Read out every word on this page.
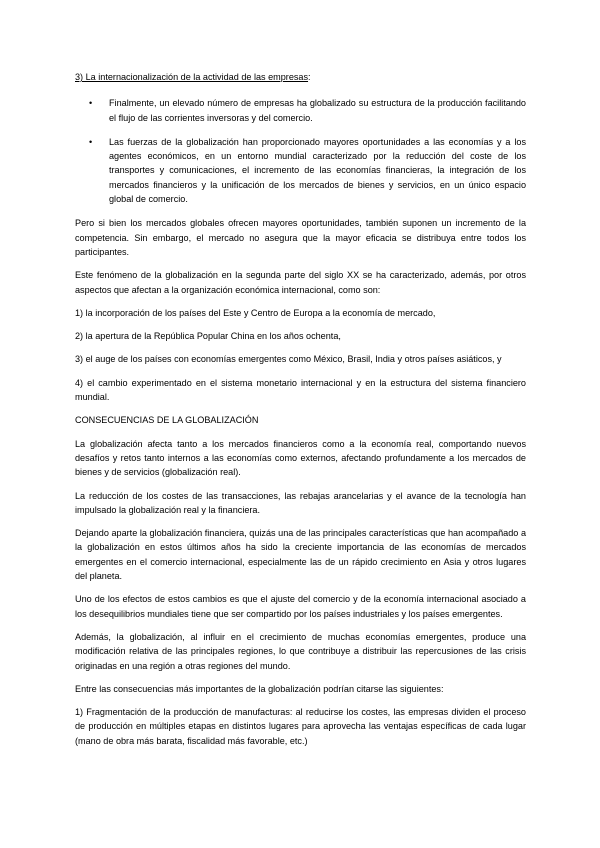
3) La internacionalización de la actividad de las empresas:

• Finalmente, un elevado número de empresas ha globalizado su estructura de la producción facilitando el flujo de las corrientes inversoras y del comercio.
• Las fuerzas de la globalización han proporcionado mayores oportunidades a las economías y a los agentes económicos, en un entorno mundial caracterizado por la reducción del coste de los transportes y comunicaciones, el incremento de las economías financieras, la integración de los mercados financieros y la unificación de los mercados de bienes y servicios, en un único espacio global de comercio.

Pero si bien los mercados globales ofrecen mayores oportunidades, también suponen un incremento de la competencia. Sin embargo, el mercado no asegura que la mayor eficacia se distribuya entre todos los participantes.

Este fenómeno de la globalización en la segunda parte del siglo XX se ha caracterizado, además, por otros aspectos que afectan a la organización económica internacional, como son:

1) la incorporación de los países del Este y Centro de Europa a la economía de mercado,

2) la apertura de la República Popular China en los años ochenta,

3) el auge de los países con economías emergentes como México, Brasil, India y otros países asiáticos, y

4) el cambio experimentado en el sistema monetario internacional y en la estructura del sistema financiero mundial.

CONSECUENCIAS DE LA GLOBALIZACIÓN

La globalización afecta tanto a los mercados financieros como a la economía real, comportando nuevos desafíos y retos tanto internos a las economías como externos, afectando profundamente a los mercados de bienes y de servicios (globalización real).

La reducción de los costes de las transacciones, las rebajas arancelarias y el avance de la tecnología han impulsado la globalización real y la financiera.

Dejando aparte la globalización financiera, quizás una de las principales características que han acompañado a la globalización en estos últimos años ha sido la creciente importancia de las economías de mercados emergentes en el comercio internacional, especialmente las de un rápido crecimiento en Asia y otros lugares del planeta.

Uno de los efectos de estos cambios es que el ajuste del comercio y de la economía internacional asociado a los desequilibrios mundiales tiene que ser compartido por los países industriales y los países emergentes.

Además, la globalización, al influir en el crecimiento de muchas economías emergentes, produce una modificación relativa de las principales regiones, lo que contribuye a distribuir las repercusiones de las crisis originadas en una región a otras regiones del mundo.

Entre las consecuencias más importantes de la globalización podrían citarse las siguientes:

1) Fragmentación de la producción de manufacturas: al reducirse los costes, las empresas dividen el proceso de producción en múltiples etapas en distintos lugares para aprovecha las ventajas específicas de cada lugar (mano de obra más barata, fiscalidad más favorable, etc.)
